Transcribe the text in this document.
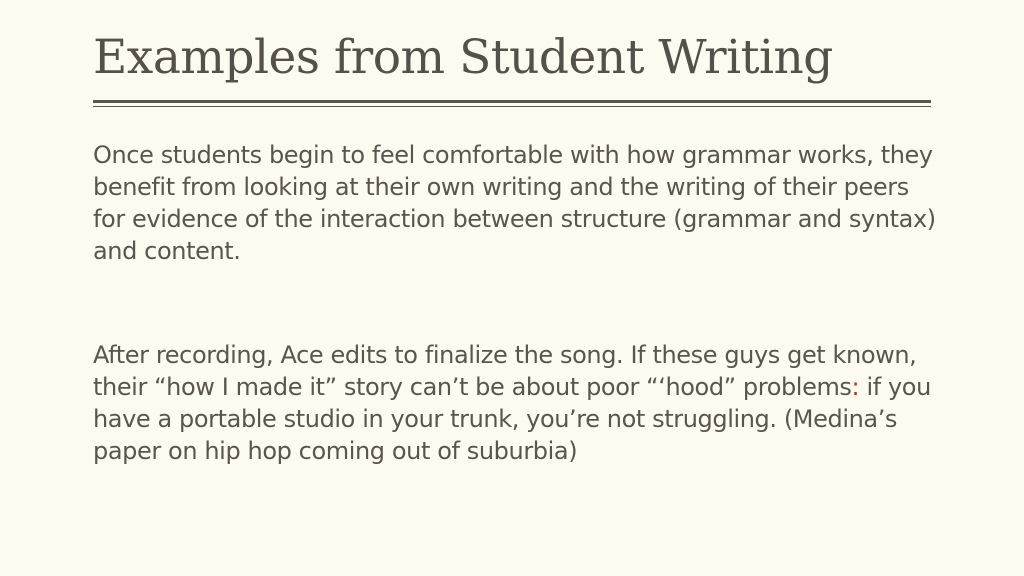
Examples from Student Writing

Once students begin to feel comfortable with how grammar works, they benefit from looking at their own writing and the writing of their peers for evidence of the interaction between structure (grammar and syntax) and content.

After recording, Ace edits to finalize the song. If these guys get known, their “how I made it” story can’t be about poor “‘hood” problems: if you have a portable studio in your trunk, you’re not struggling. (Medina’s paper on hip hop coming out of suburbia)
